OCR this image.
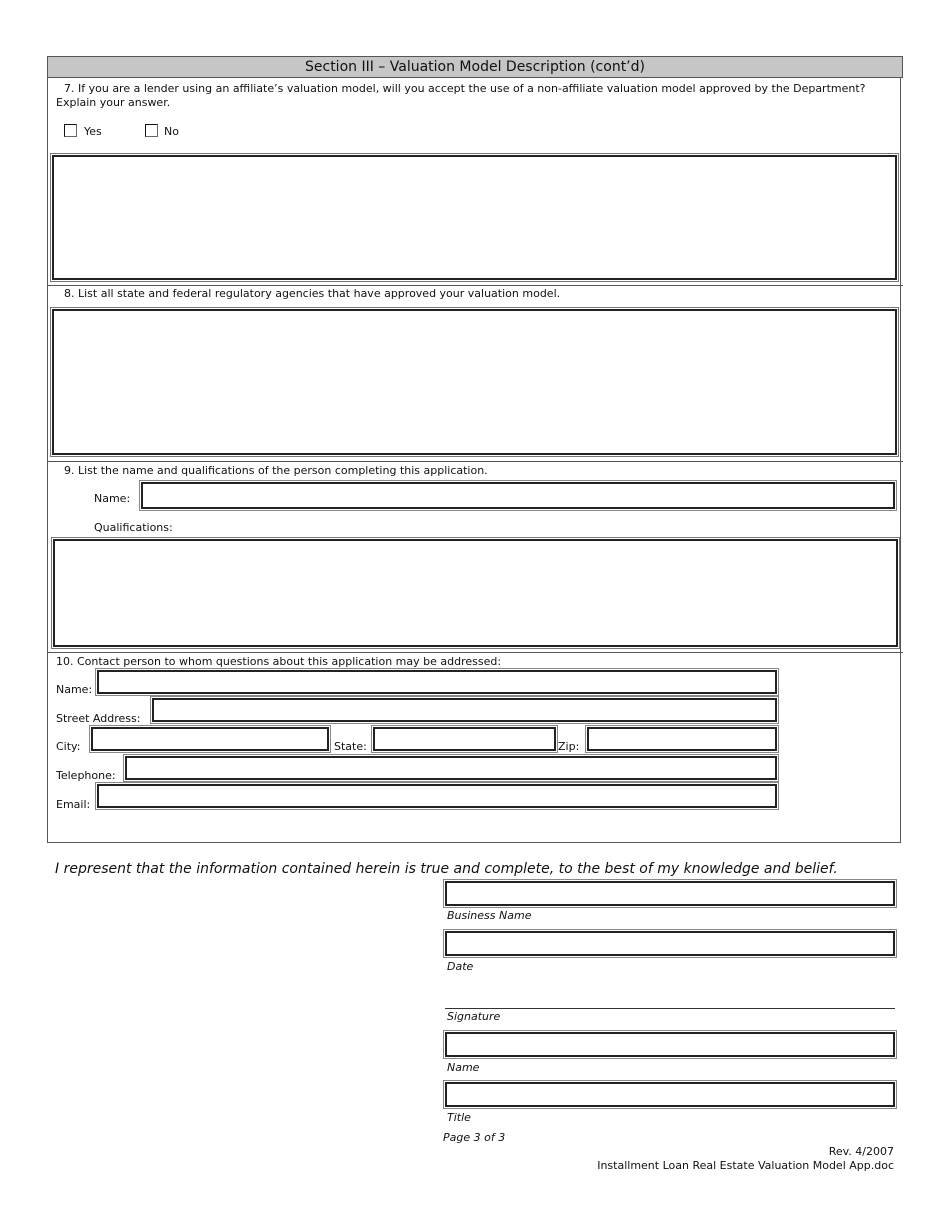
Section III – Valuation Model Description (cont’d)
7. If you are a lender using an affiliate’s valuation model, will you accept the use of a non-affiliate valuation model approved by the Department?
Explain your answer.
Yes	No
8. List all state and federal regulatory agencies that have approved your valuation model.
9. List the name and qualifications of the person completing this application.
Name:
Qualifications:
10. Contact person to whom questions about this application may be addressed:
Name:
Street Address:
City:	State:	Zip:
Telephone:
Email:
I represent that the information contained herein is true and complete, to the best of my knowledge and belief.
Business Name
Date
Signature
Name
Title
Page 3 of 3
Rev. 4/2007
Installment Loan Real Estate Valuation Model App.doc
